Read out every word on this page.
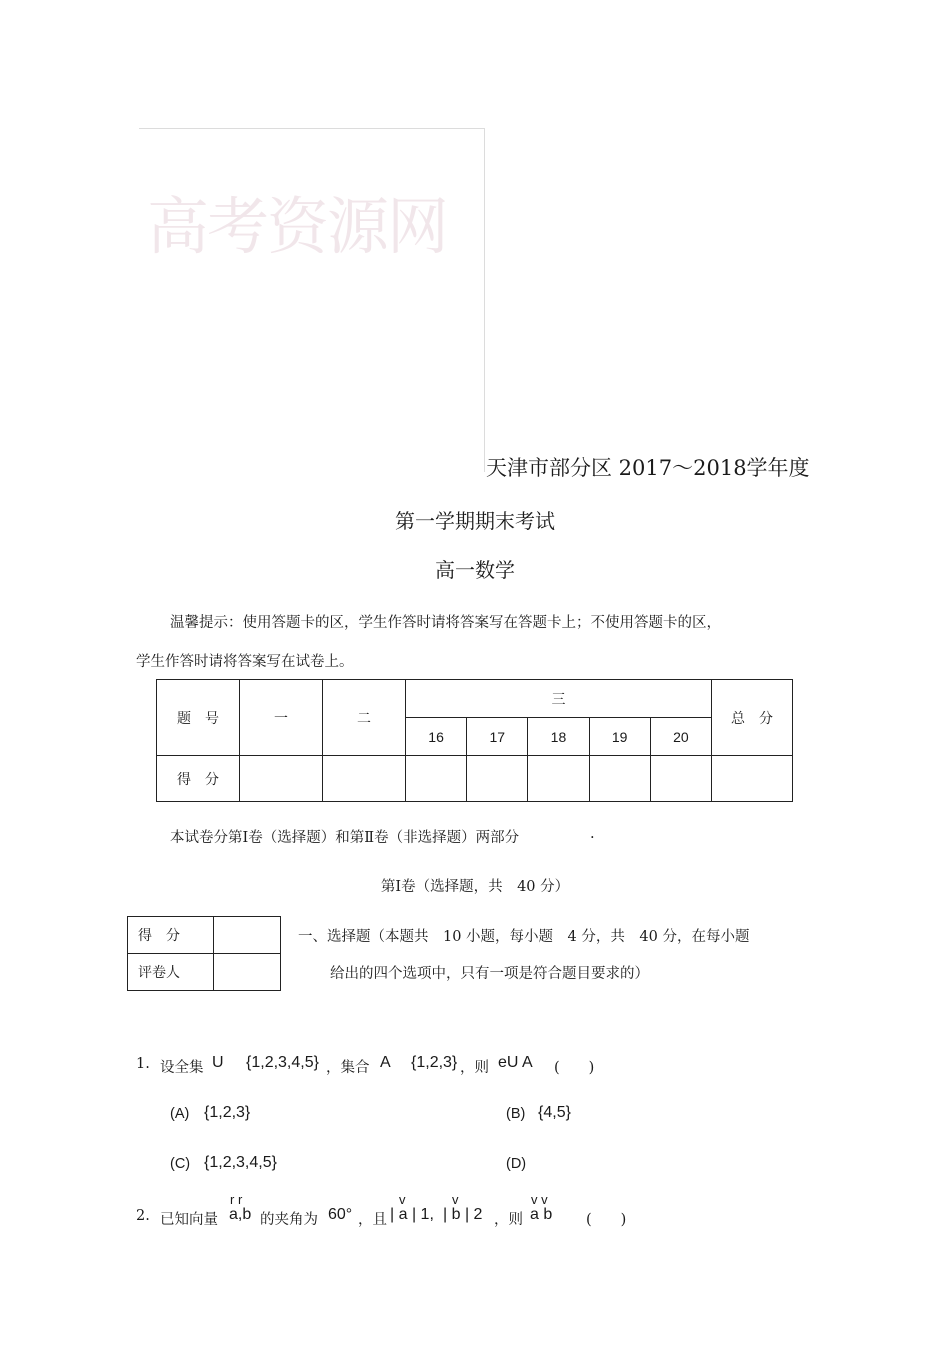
高考资源网
天津市部分区 2017～2018学年度
第一学期期末考试
高一数学
温馨提示：使用答题卡的区，学生作答时请将答案写在答题卡上；不使用答题卡的区，
学生作答时请将答案写在试卷上。
题　号	一	二	三					总　分
			16	17	18	19	20	
得　分								
本试卷分第Ⅰ卷（选择题）和第Ⅱ卷（非选择题）两部分	.
第Ⅰ卷（选择题，共　40 分）
得　分	
评卷人	
一、选择题（本题共　10 小题，每小题　4 分，共　40 分，在每小题
给出的四个选项中，只有一项是符合题目要求的）
1. 设全集 U {1,2,3,4,5} ，集合 A {1,2,3} ，则 eU A (　　)
(A) {1,2,3}	(B) {4,5}
(C) {1,2,3,4,5}	(D)
r r
2. 已知向量 a,b 的夹角为 60° ，且
v
| a | 1,
v
| b | 2 ，则
v v
a b (　　)
